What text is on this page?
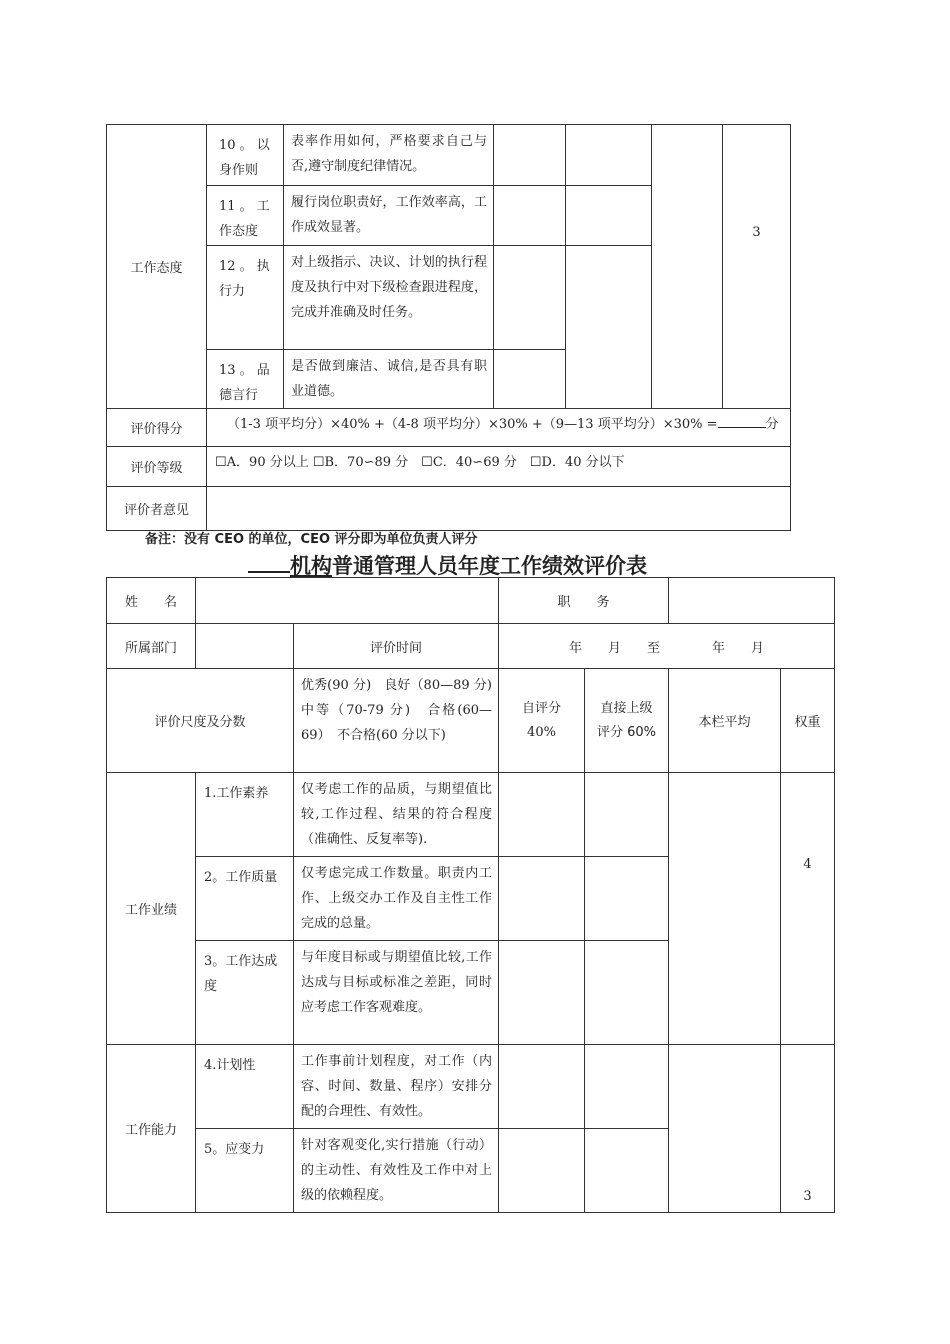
工作态度	10 。 以身作则	表率作用如何，严格要求自己与否,遵守制度纪律情况。				3
	11 。 工作态度	履行岗位职责好，工作效率高，工作成效显著。				
	12 。 执行力	对上级指示、决议、计划的执行程度及执行中对下级检查跟进程度，完成并准确及时任务。				
	13 。 品德言行	是否做到廉洁、诚信,是否具有职业道德。				
评价得分	（1-3 项平均分）×40% +（4-8 项平均分）×30% +（9—13 项平均分）×30% = 分					
评价等级	☐A．90 分以上 ☐B．70∽89 分　☐C．40∽69 分　☐D．40 分以下					
评价者意见						
备注：没有 CEO 的单位，CEO 评分即为单位负责人评分
机构普通管理人员年度工作绩效评价表
姓　　名			职　　务			
所属部门		评价时间	年　　月　　至　　　　年　　月			
评价尺度及分数		优秀(90 分)　良好（80—89 分)中等（70-79 分)　合格(60—69）　不合格(60 分以下)	自评分 40%	直接上级评分 60%	本栏平均	权重
工作业绩	1.工作素养	仅考虑工作的品质，与期望值比较,工作过程、结果的符合程度（准确性、反复率等).				4
	2。工作质量	仅考虑完成工作数量。职责内工作、上级交办工作及自主性工作完成的总量。				
	3。工作达成度	与年度目标或与期望值比较,工作达成与目标或标准之差距，同时应考虑工作客观难度。				
工作能力	4.计划性	工作事前计划程度，对工作（内容、时间、数量、程序）安排分配的合理性、有效性。				3
	5。应变力	针对客观变化,实行措施（行动）的主动性、有效性及工作中对上级的依赖程度。				
